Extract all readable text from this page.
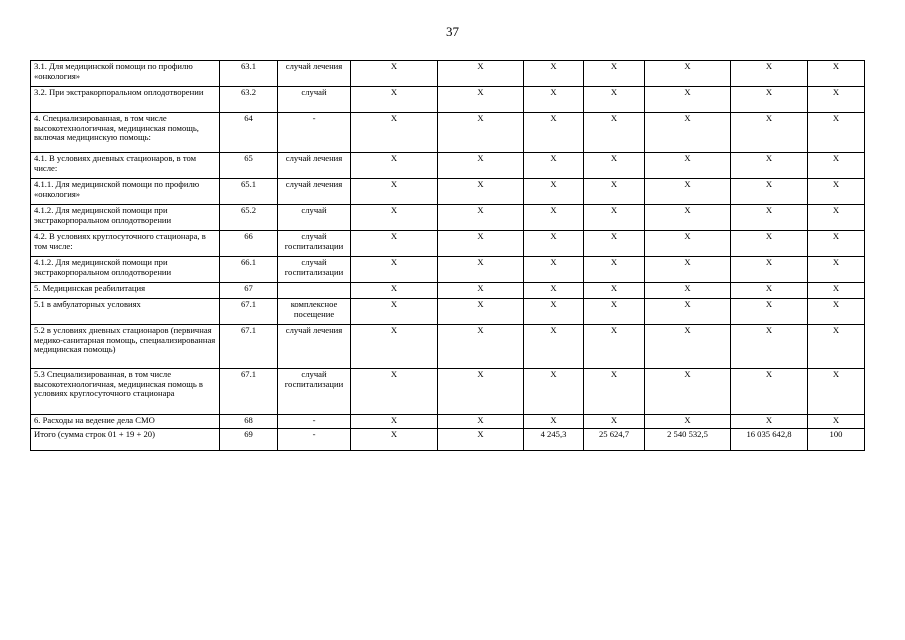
37
3.1. Для медицинской помощи по профилю «онкология»	63.1	случай лечения	X	X	X	X	X	X	X
3.2. При экстракорпоральном оплодотворении	63.2	случай	X	X	X	X	X	X	X
4. Специализированная, в том числе высокотехнологичная, медицинская помощь, включая медицинскую помощь:	64	-	X	X	X	X	X	X	X
4.1. В условиях дневных стационаров, в том числе:	65	случай лечения	X	X	X	X	X	X	X
4.1.1. Для медицинской помощи по профилю «онкология»	65.1	случай лечения	X	X	X	X	X	X	X
4.1.2. Для медицинской помощи при экстракорпоральном оплодотворении	65.2	случай	X	X	X	X	X	X	X
4.2. В условиях круглосуточного стационара, в том числе:	66	случай госпитализации	X	X	X	X	X	X	X
4.1.2. Для медицинской помощи при экстракорпоральном оплодотворении	66.1	случай госпитализации	X	X	X	X	X	X	X
5. Медицинская реабилитация	67		X	X	X	X	X	X	X
5.1 в амбулаторных условиях	67.1	комплексное посещение	X	X	X	X	X	X	X
5.2 в условиях дневных стационаров (первичная медико-санитарная помощь, специализированная медицинская помощь)	67.1	случай лечения	X	X	X	X	X	X	X
5.3 Специализированная, в том числе высокотехнологичная, медицинская помощь в условиях круглосуточного стационара	67.1	случай госпитализации	X	X	X	X	X	X	X
6. Расходы на ведение дела СМО	68	-	X	X	X	X	X	X	X
Итого (сумма строк 01 + 19 + 20)	69	-	X	X	4 245,3	25 624,7	2 540 532,5	16 035 642,8	100
